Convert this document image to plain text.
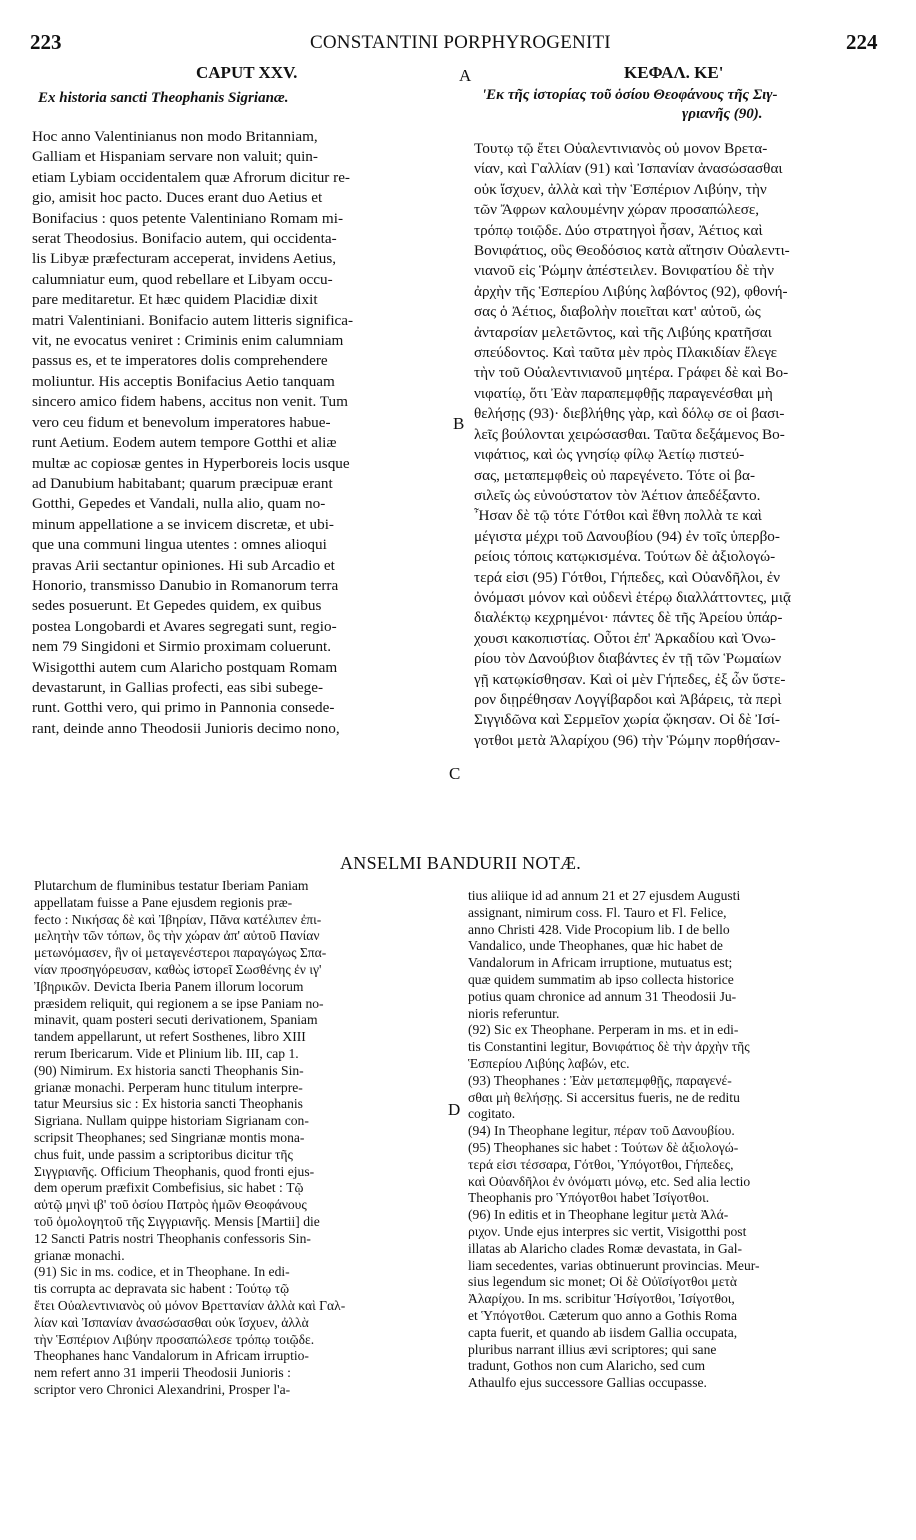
223	CONSTANTINI PORPHYROGENITI	224
CAPUT XXV.
Ex historia sancti Theophanis Sigrianæ.
Hoc anno Valentinianus non modo Britanniam,
Galliam et Hispaniam servare non valuit; quin-
etiam Lybiam occidentalem quæ Afrorum dicitur re-
gio, amisit hoc pacto. Duces erant duo Aetius et
Bonifacius : quos petente Valentiniano Romam mi-
serat Theodosius. Bonifacio autem, qui occidenta-
lis Libyæ præfecturam acceperat, invidens Aetius,
calumniatur eum, quod rebellare et Libyam occu-
pare meditaretur. Et hæc quidem Placidiæ dixit
matri Valentiniani. Bonifacio autem litteris significa-
vit, ne evocatus veniret : Criminis enim calumniam
passus es, et te imperatores dolis comprehendere
moliuntur. His acceptis Bonifacius Aetio tanquam
sincero amico fidem habens, accitus non venit. Tum
vero ceu fidum et benevolum imperatores habue-
runt Aetium. Eodem autem tempore Gotthi et aliæ
multæ ac copiosæ gentes in Hyperboreis locis usque
ad Danubium habitabant; quarum præcipuæ erant
Gotthi, Gepedes et Vandali, nulla alio, quam no-
minum appellatione a se invicem discretæ, et ubi-
que una communi lingua utentes : omnes alioqui
pravas Arii sectantur opiniones. Hi sub Arcadio et
Honorio, transmisso Danubio in Romanorum terra
sedes posuerunt. Et Gepedes quidem, ex quibus
postea Longobardi et Avares segregati sunt, regio-
nem 79 Singidoni et Sirmio proximam coluerunt.
Wisigotthi autem cum Alaricho postquam Romam
devastarunt, in Gallias profecti, eas sibi subege-
runt. Gotthi vero, qui primo in Pannonia consede-
rant, deinde anno Theodosii Junioris decimo nono,
A
B
C
D
ΚΕΦΑΛ. ΚΕ'
'Εκ τῆς ἱστορίας τοῦ ὁσίου Θεοφάνους τῆς Σιγ-
γριανῆς (90).
Τουτῳ τῷ ἔτει Οὐαλεντινιανὸς οὐ μονον Βρετα-
νίαν, καὶ Γαλλίαν (91) καὶ Ἰσπανίαν ἀνασώσασθαι
οὐκ ἴσχυεν, ἀλλὰ καὶ τὴν Ἑσπέριον Λιβύην, τὴν
τῶν Ἄφρων καλουμένην χώραν προσαπώλεσε,
τρόπῳ τοιῷδε. Δύο στρατηγοὶ ἦσαν, Ἀέτιος καὶ
Βονιφάτιος, οὓς Θεοδόσιος κατὰ αἴτησιν Οὐαλεντι-
νιανοῦ εἰς Ῥώμην ἀπέστειλεν. Βονιφατίου δὲ τὴν
ἀρχὴν τῆς Ἑσπερίου Λιβύης λαβόντος (92), φθονή-
σας ὁ Ἀέτιος, διαβολὴν ποιεῖται κατ' αὐτοῦ, ὡς
ἀνταρσίαν μελετῶντος, καὶ τῆς Λιβύης κρατῆσαι
σπεύδοντος. Καὶ ταῦτα μὲν πρὸς Πλακιδίαν ἔλεγε
τὴν τοῦ Οὐαλεντινιανοῦ μητέρα. Γράφει δὲ καὶ Βο-
νιφατίῳ, ὅτι Ἐὰν παραπεμφθῇς παραγενέσθαι μὴ
θελήσῃς (93)· διεβλήθης γὰρ, καὶ δόλῳ σε οἱ βασι-
λεῖς βούλονται χειρώσασθαι. Ταῦτα δεξάμενος Βο-
νιφάτιος, καὶ ὡς γνησίῳ φίλῳ Ἀετίῳ πιστεύ-
σας, μεταπεμφθεὶς οὐ παρεγένετο. Τότε οἱ βα-
σιλεῖς ὡς εὐνούστατον τὸν Ἀέτιον ἀπεδέξαντο.
Ἦσαν δὲ τῷ τότε Γότθοι καὶ ἔθνη πολλὰ τε καὶ
μέγιστα μέχρι τοῦ Δανουβίου (94) ἐν τοῖς ὑπερβο-
ρείοις τόποις κατῳκισμένα. Τούτων δὲ ἀξιολογώ-
τερά εἰσι (95) Γότθοι, Γήπεδες, καὶ Οὐανδῆλοι, ἐν
ὀνόμασι μόνον καὶ οὐδενὶ ἑτέρῳ διαλλάττοντες, μιᾷ
διαλέκτῳ κεχρημένοι· πάντες δὲ τῆς Ἀρείου ὑπάρ-
χουσι κακοπιστίας. Οὗτοι ἐπ' Ἀρκαδίου καὶ Ὀνω-
ρίου τὸν Δανούβιον διαβάντες ἐν τῇ τῶν Ῥωμαίων
γῇ κατῳκίσθησαν. Καὶ οἱ μὲν Γήπεδες, ἐξ ὧν ὕστε-
ρον διῃρέθησαν Λογγίβαρδοι καὶ Ἀβάρεις, τὰ περὶ
Σιγγιδῶνα καὶ Σερμεῖον χωρία ᾤκησαν. Οἱ δὲ Ἰσί-
γοτθοι μετὰ Ἀλαρίχου (96) τὴν Ῥώμην πορθήσαν-
ANSELMI BANDURII NOTÆ.
Plutarchum de fluminibus testatur Iberiam Paniam
appellatam fuisse a Pane ejusdem regionis præ-
fecto : Νικήσας δὲ καὶ Ἰβηρίαν, Πᾶνα κατέλιπεν ἐπι-
μελητὴν τῶν τόπων, ὃς τὴν χώραν ἀπ' αὐτοῦ Πανίαν
μετωνόμασεν, ἣν οἱ μεταγενέστεροι παραγώγως Σπα-
νίαν προσηγόρευσαν, καθὼς ἱστορεῖ Σωσθένης ἐν ιγ'
Ἰβηρικῶν. Devicta Iberia Panem illorum locorum
præsidem reliquit, qui regionem a se ipse Paniam no-
minavit, quam posteri secuti derivationem, Spaniam
tandem appellarunt, ut refert Sosthenes, libro XIII
rerum Ibericarum. Vide et Plinium lib. III, cap 1.
(90) Nimirum. Ex historia sancti Theophanis Sin-
grianæ monachi. Perperam hunc titulum interpre-
tatur Meursius sic : Ex historia sancti Theophanis
Sigriana. Nullam quippe historiam Sigrianam con-
scripsit Theophanes; sed Singrianæ montis mona-
chus fuit, unde passim a scriptoribus dicitur τῆς
Σιγγριανῆς. Officium Theophanis, quod fronti ejus-
dem operum præfixit Combefisius, sic habet : Τῷ
αὐτῷ μηνὶ ιβ' τοῦ ὁσίου Πατρὸς ἡμῶν Θεοφάνους
τοῦ ὁμολογητοῦ τῆς Σιγγριανῆς. Mensis [Martii] die
12 Sancti Patris nostri Theophanis confessoris Sin-
grianæ monachi.
(91) Sic in ms. codice, et in Theophane. In edi-
tis corrupta ac depravata sic habent : Τούτῳ τῷ
ἔτει Οὐαλεντινιανὸς οὐ μόνον Βρεττανίαν ἀλλὰ καὶ Γαλ-
λίαν καὶ Ἰσπανίαν ἀνασώσασθαι οὐκ ἴσχυεν, ἀλλὰ
τὴν Ἑσπέριον Λιβύην προσαπώλεσε τρόπῳ τοιῷδε.
Theophanes hanc Vandalorum in Africam irruptio-
nem refert anno 31 imperii Theodosii Junioris :
scriptor vero Chronici Alexandrini, Prosper l'a-
tius aliique id ad annum 21 et 27 ejusdem Augusti
assignant, nimirum coss. Fl. Tauro et Fl. Felice,
anno Christi 428. Vide Procopium lib. I de bello
Vandalico, unde Theophanes, quæ hic habet de
Vandalorum in Africam irruptione, mutuatus est;
quæ quidem summatim ab ipso collecta historice
potius quam chronice ad annum 31 Theodosii Ju-
nioris referuntur.
(92) Sic ex Theophane. Perperam in ms. et in edi-
tis Constantini legitur, Βονιφάτιος δὲ τὴν ἀρχὴν τῆς
Ἑσπερίου Λιβύης λαβών, etc.
(93) Theophanes : Ἐὰν μεταπεμφθῇς, παραγενέ-
σθαι μὴ θελήσῃς. Si accersitus fueris, ne de reditu
cogitato.
(94) In Theophane legitur, πέραν τοῦ Δανουβίου.
(95) Theophanes sic habet : Τούτων δὲ ἀξιολογώ-
τερά εἰσι τέσσαρα, Γότθοι, Ὑπόγοτθοι, Γήπεδες,
καὶ Οὐανδῆλοι ἐν ὀνόματι μόνῳ, etc. Sed alia lectio
Theophanis pro Ὑπόγοτθοι habet Ἰσίγοτθοι.
(96) In editis et in Theophane legitur μετὰ Ἀλά-
ριχον. Unde ejus interpres sic vertit, Visigotthi post
illatas ab Alaricho clades Romæ devastata, in Gal-
liam secedentes, varias obtinuerunt provincias. Meur-
sius legendum sic monet; Οἱ δὲ Οὐϊσίγοτθοι μετὰ
Ἀλαρίχου. In ms. scribitur Ἡσίγοτθοι, Ἰσίγοτθοι,
et Ὑπόγοτθοι. Cæterum quo anno a Gothis Roma
capta fuerit, et quando ab iisdem Gallia occupata,
pluribus narrant illius ævi scriptores; qui sane
tradunt, Gothos non cum Alaricho, sed cum
Athaulfo ejus successore Gallias occupasse.
